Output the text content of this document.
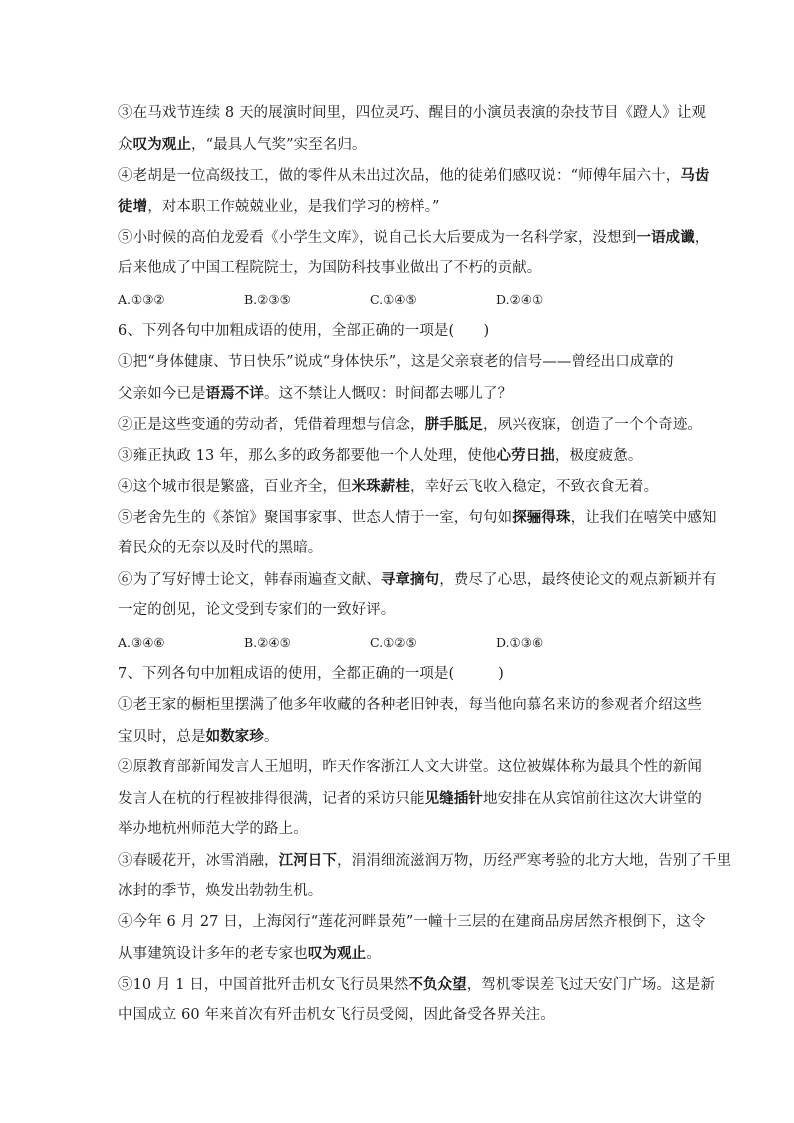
③在马戏节连续 8 天的展演时间里，四位灵巧、醒目的小演员表演的杂技节目《蹬人》让观
众叹为观止，“最具人气奖”实至名归。
④老胡是一位高级技工，做的零件从未出过次品，他的徒弟们感叹说：“师傅年届六十，马齿
徒增，对本职工作兢兢业业，是我们学习的榜样。”
⑤小时候的高伯龙爱看《小学生文库》，说自己长大后要成为一名科学家，没想到一语成谶，
后来他成了中国工程院院士，为国防科技事业做出了不朽的贡献。
A.①③②	B.②③⑤	C.①④⑤	D.②④①
6、下列各句中加粗成语的使用，全部正确的一项是(　　)
①把“身体健康、节日快乐”说成“身体快乐”，这是父亲衰老的信号——曾经出口成章的
父亲如今已是语焉不详。这不禁让人慨叹：时间都去哪儿了？
②正是这些变通的劳动者，凭借着理想与信念，胼手胝足，夙兴夜寐，创造了一个个奇迹。
③雍正执政 13 年，那么多的政务都要他一个人处理，使他心劳日拙，极度疲惫。
④这个城市很是繁盛，百业齐全，但米珠薪桂，幸好云飞收入稳定，不致衣食无着。
⑤老舍先生的《茶馆》聚国事家事、世态人情于一室，句句如探骊得珠，让我们在嘻笑中感知
着民众的无奈以及时代的黑暗。
⑥为了写好博士论文，韩春雨遍查文献、寻章摘句，费尽了心思，最终使论文的观点新颖并有
一定的创见，论文受到专家们的一致好评。
A.③④⑥	B.②④⑤	C.①②⑤	D.①③⑥
7、下列各句中加粗成语的使用，全都正确的一项是(　　　)
①老王家的橱柜里摆满了他多年收藏的各种老旧钟表，每当他向慕名来访的参观者介绍这些
宝贝时，总是如数家珍。
②原教育部新闻发言人王旭明，昨天作客浙江人文大讲堂。这位被媒体称为最具个性的新闻
发言人在杭的行程被排得很满，记者的采访只能见缝插针地安排在从宾馆前往这次大讲堂的
举办地杭州师范大学的路上。
③春暖花开，冰雪消融，江河日下，涓涓细流滋润万物，历经严寒考验的北方大地，告别了千里
冰封的季节，焕发出勃勃生机。
④今年 6 月 27 日，上海闵行“莲花河畔景苑”一幢十三层的在建商品房居然齐根倒下，这令
从事建筑设计多年的老专家也叹为观止。
⑤10 月 1 日，中国首批歼击机女飞行员果然不负众望，驾机零误差飞过天安门广场。这是新
中国成立 60 年来首次有歼击机女飞行员受阅，因此备受各界关注。
